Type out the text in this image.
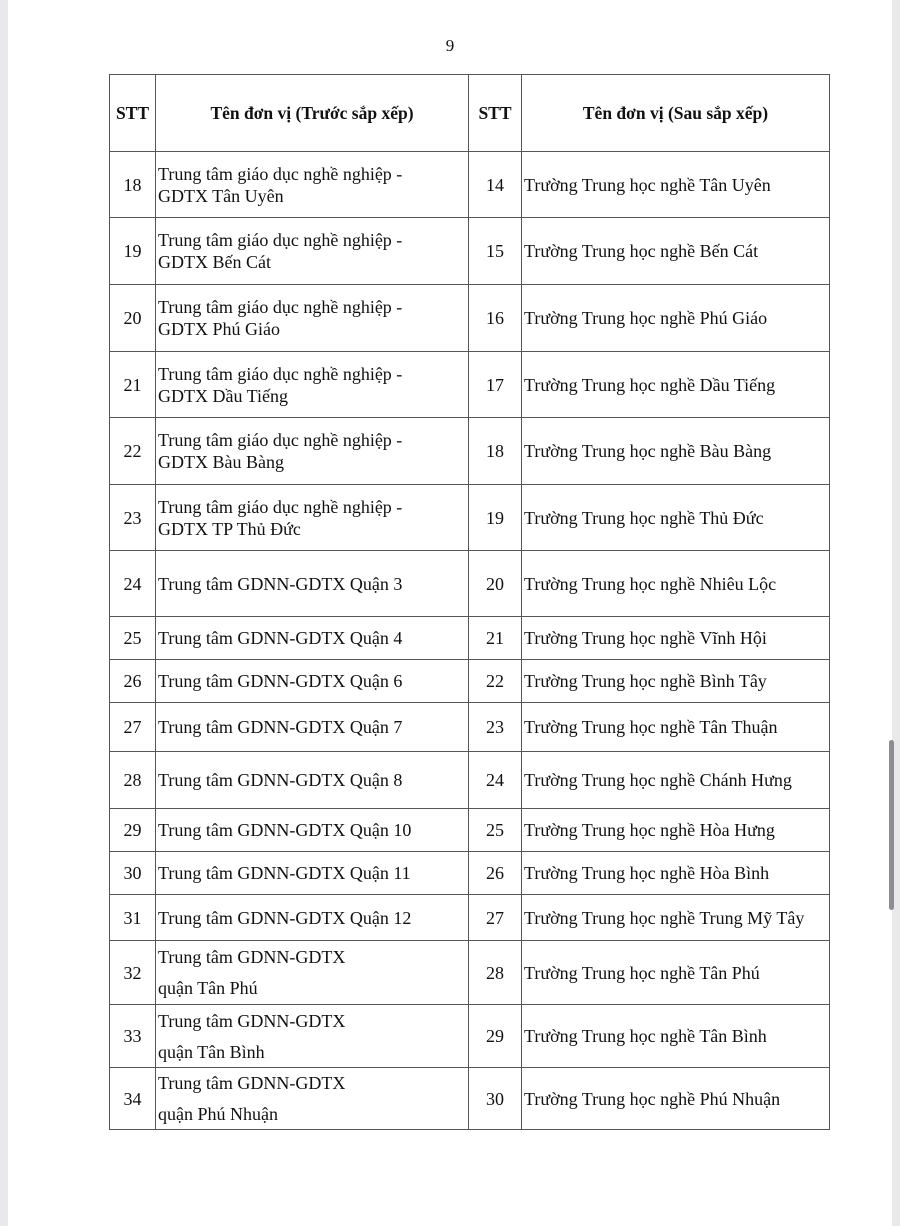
9
STT	Tên đơn vị (Trước sắp xếp)	STT	Tên đơn vị (Sau sắp xếp)
18	Trung tâm giáo dục nghề nghiệp -
GDTX Tân Uyên	14	Trường Trung học nghề Tân Uyên
19	Trung tâm giáo dục nghề nghiệp -
GDTX Bến Cát	15	Trường Trung học nghề Bến Cát
20	Trung tâm giáo dục nghề nghiệp -
GDTX Phú Giáo	16	Trường Trung học nghề Phú Giáo
21	Trung tâm giáo dục nghề nghiệp -
GDTX Dầu Tiếng	17	Trường Trung học nghề Dầu Tiếng
22	Trung tâm giáo dục nghề nghiệp -
GDTX Bàu Bàng	18	Trường Trung học nghề Bàu Bàng
23	Trung tâm giáo dục nghề nghiệp -
GDTX TP Thủ Đức	19	Trường Trung học nghề Thủ Đức
24	Trung tâm GDNN-GDTX Quận 3	20	Trường Trung học nghề Nhiêu Lộc
25	Trung tâm GDNN-GDTX Quận 4	21	Trường Trung học nghề Vĩnh Hội
26	Trung tâm GDNN-GDTX Quận 6	22	Trường Trung học nghề Bình Tây
27	Trung tâm GDNN-GDTX Quận 7	23	Trường Trung học nghề Tân Thuận
28	Trung tâm GDNN-GDTX Quận 8	24	Trường Trung học nghề Chánh Hưng
29	Trung tâm GDNN-GDTX Quận 10	25	Trường Trung học nghề Hòa Hưng
30	Trung tâm GDNN-GDTX Quận 11	26	Trường Trung học nghề Hòa Bình
31	Trung tâm GDNN-GDTX Quận 12	27	Trường Trung học nghề Trung Mỹ Tây
32	Trung tâm GDNN-GDTX
quận Tân Phú	28	Trường Trung học nghề Tân Phú
33	Trung tâm GDNN-GDTX
quận Tân Bình	29	Trường Trung học nghề Tân Bình
34	Trung tâm GDNN-GDTX
quận Phú Nhuận	30	Trường Trung học nghề Phú Nhuận
